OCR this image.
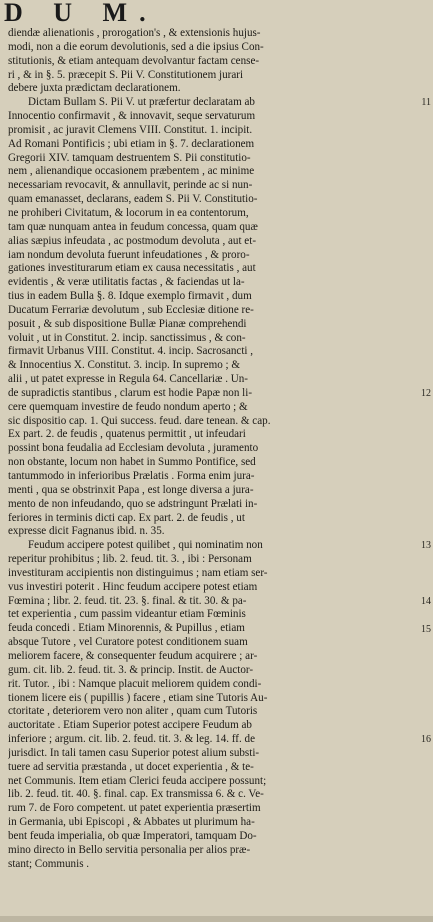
D U M.
diendæ alienationis , prorogation's , & extensionis hujus-
modi, non a die eorum devolutionis, sed a die ipsius Con-
stitutionis, & etiam antequam devolvantur factam cense-
ri , & in §. 5. præcepit S. Pii V. Constitutionem jurari
debere juxta prædictam declarationem.
Dictam Bullam S. Pii V. ut præfertur declaratam ab
Innocentio confirmavit , & innovavit, seque servaturum
promisit , ac juravit Clemens VIII. Constitut. 1. incipit.
Ad Romani Pontificis ; ubi etiam in §. 7. declarationem
Gregorii XIV. tamquam destruentem S. Pii constitutio-
nem , alienandique occasionem præbentem , ac minime
necessariam revocavit, & annullavit, perinde ac si nun-
quam emanasset, declarans, eadem S. Pii V. Constitutio-
ne prohiberi Civitatum, & locorum in ea contentorum,
tam quæ nunquam antea in feudum concessa, quam quæ
alias sæpius infeudata , ac postmodum devoluta , aut et-
iam nondum devoluta fuerunt infeudationes , & proro-
gationes investiturarum etiam ex causa necessitatis , aut
evidentis , & veræ utilitatis factas , & faciendas ut la-
tius in eadem Bulla §. 8. Idque exemplo firmavit , dum
Ducatum Ferrariæ devolutum , sub Ecclesiæ ditione re-
posuit , & sub dispositione Bullæ Pianæ comprehendi
voluit , ut in Constitut. 2. incip. sanctissimus , & con-
firmavit Urbanus VIII. Constitut. 4. incip. Sacrosancti ,
& Innocentius X. Constitut. 3. incip. In supremo ; &
alii , ut patet expresse in Regula 64. Cancellariæ . Un-
de supradictis stantibus , clarum est hodie Papæ non li-
cere quemquam investire de feudo nondum aperto ; &
sic dispositio cap. 1. Qui success. feud. dare tenean. & cap.
Ex part. 2. de feudis , quatenus permittit , ut infeudari
possint bona feudalia ad Ecclesiam devoluta , juramento
non obstante, locum non habet in Summo Pontifice, sed
tantummodo in inferioribus Prælatis . Forma enim jura-
menti , qua se obstrinxit Papa , est longe diversa a jura-
mento de non infeudando, quo se adstringunt Prælati in-
feriores in terminis dicti cap. Ex part. 2. de feudis , ut
expresse dicit Fagnanus ibid. n. 35.
Feudum accipere potest quilibet , qui nominatim non
reperitur prohibitus ; lib. 2. feud. tit. 3. , ibi : Personam
investituram accipientis non distinguimus ; nam etiam ser-
vus investiri poterit . Hinc feudum accipere potest etiam
Fœmina ; libr. 2. feud. tit. 23. §. final. & tit. 30. & pa-
tet experientia , cum passim videantur etiam Fœminis
feuda concedi . Etiam Minorennis, & Pupillus , etiam
absque Tutore , vel Curatore potest conditionem suam
meliorem facere, & consequenter feudum acquirere ; ar-
gum. cit. lib. 2. feud. tit. 3. & princip. Instit. de Auctor-
rit. Tutor. , ibi : Namque placuit meliorem quidem condi-
tionem licere eis ( pupillis ) facere , etiam sine Tutoris Au-
ctoritate , deteriorem vero non aliter , quam cum Tutoris
auctoritate . Etiam Superior potest accipere Feudum ab
inferiore ; argum. cit. lib. 2. feud. tit. 3. & leg. 14. ff. de
jurisdict. In tali tamen casu Superior potest alium substi-
tuere ad servitia præstanda , ut docet experientia , & te-
net Communis. Item etiam Clerici feuda accipere possunt;
lib. 2. feud. tit. 40. §. final. cap. Ex transmissa 6. & c. Ve-
rum 7. de Foro competent. ut patet experientia præsertim
in Germania, ubi Episcopi , & Abbates ut plurimum ha-
bent feuda imperialia, ob quæ Imperatori, tamquam Do-
mino directo in Bello servitia personalia per alios præ-
stant; Communis .
11
12
13
14
15
16
